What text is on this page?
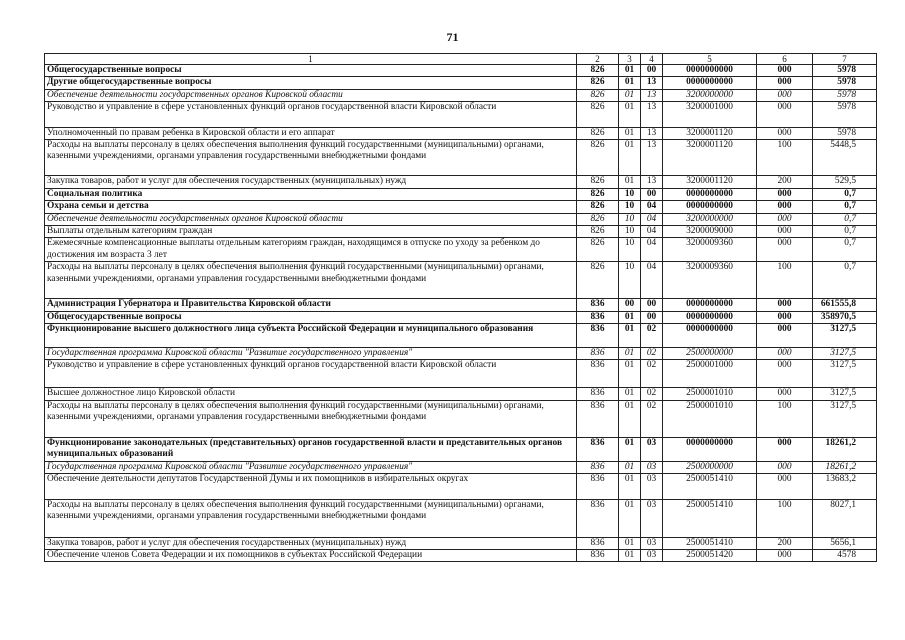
71
1	2	3	4	5	6	7
Общегосударственные вопросы	826	01	00	0000000000	000	5978
Другие общегосударственные вопросы	826	01	13	0000000000	000	5978
Обеспечение деятельности государственных органов Кировской области	826	01	13	3200000000	000	5978
Руководство и управление в сфере установленных функций органов государственной власти Кировской области	826	01	13	3200001000	000	5978
Уполномоченный по правам ребенка в Кировской области и его аппарат	826	01	13	3200001120	000	5978
Расходы на выплаты персоналу в целях обеспечения выполнения функций государственными (муниципальными) органами, казенными учреждениями, органами управления государственными внебюджетными фондами	826	01	13	3200001120	100	5448,5
Закупка товаров, работ и услуг для обеспечения государственных (муниципальных) нужд	826	01	13	3200001120	200	529,5
Социальная политика	826	10	00	0000000000	000	0,7
Охрана семьи и детства	826	10	04	0000000000	000	0,7
Обеспечение деятельности государственных органов Кировской области	826	10	04	3200000000	000	0,7
Выплаты отдельным категориям граждан	826	10	04	3200009000	000	0,7
Ежемесячные компенсационные выплаты отдельным категориям граждан, находящимся в отпуске по уходу за ребенком до достижения им возраста 3 лет	826	10	04	3200009360	000	0,7
Расходы на выплаты персоналу в целях обеспечения выполнения функций государственными (муниципальными) органами, казенными учреждениями, органами управления государственными внебюджетными фондами	826	10	04	3200009360	100	0,7
Администрация Губернатора и Правительства Кировской области	836	00	00	0000000000	000	661555,8
Общегосударственные вопросы	836	01	00	0000000000	000	358970,5
Функционирование высшего должностного лица субъекта Российской Федерации и муниципального образования	836	01	02	0000000000	000	3127,5
Государственная программа Кировской области "Развитие государственного управления"	836	01	02	2500000000	000	3127,5
Руководство и управление в сфере установленных функций органов государственной власти Кировской области	836	01	02	2500001000	000	3127,5
Высшее должностное лицо Кировской области	836	01	02	2500001010	000	3127,5
Расходы на выплаты персоналу в целях обеспечения выполнения функций государственными (муниципальными) органами, казенными учреждениями, органами управления государственными внебюджетными фондами	836	01	02	2500001010	100	3127,5
Функционирование законодательных (представительных) органов государственной власти и представительных органов муниципальных образований	836	01	03	0000000000	000	18261,2
Государственная программа Кировской области "Развитие государственного управления"	836	01	03	2500000000	000	18261,2
Обеспечение деятельности депутатов Государственной Думы и их помощников в избирательных округах	836	01	03	2500051410	000	13683,2
Расходы на выплаты персоналу в целях обеспечения выполнения функций государственными (муниципальными) органами, казенными учреждениями, органами управления государственными внебюджетными фондами	836	01	03	2500051410	100	8027,1
Закупка товаров, работ и услуг для обеспечения государственных (муниципальных) нужд	836	01	03	2500051410	200	5656,1
Обеспечение членов Совета Федерации и их помощников в субъектах Российской Федерации	836	01	03	2500051420	000	4578
